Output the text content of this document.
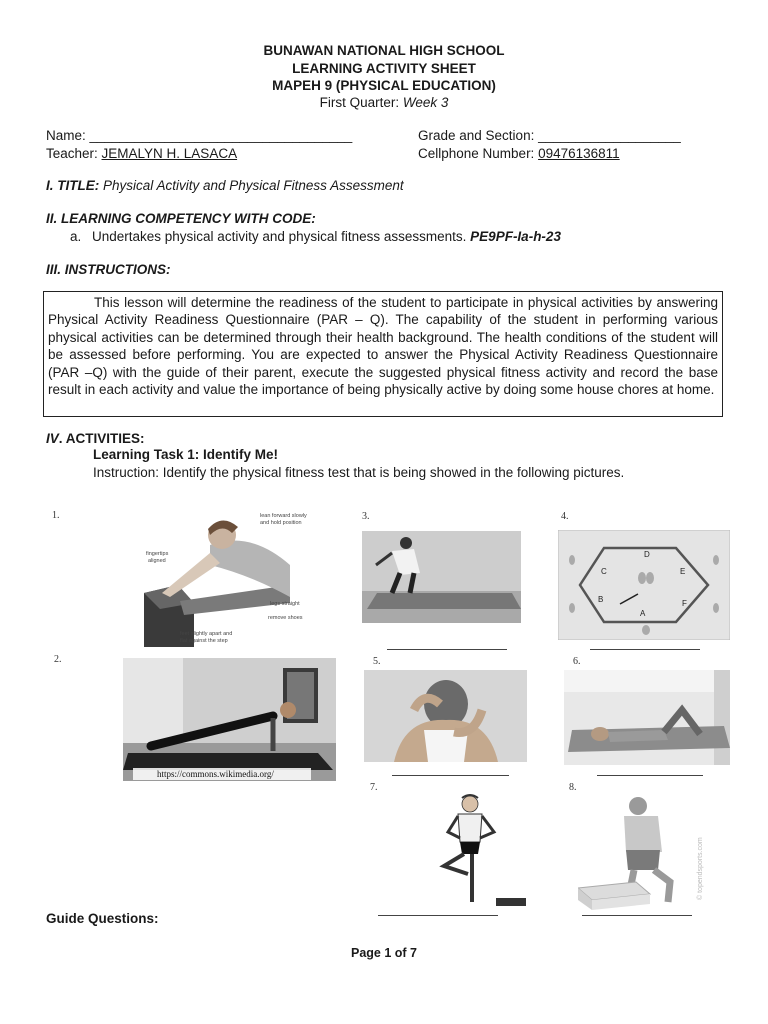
BUNAWAN NATIONAL HIGH SCHOOL
LEARNING ACTIVITY SHEET
MAPEH 9 (PHYSICAL EDUCATION)
First Quarter: Week 3
Name: ___________________________________	Grade and Section: ___________________
Teacher: JEMALYN H. LASACA	Cellphone Number: 09476136811
I. TITLE: Physical Activity and Physical Fitness Assessment
II. LEARNING COMPETENCY WITH CODE:
a. Undertakes physical activity and physical fitness assessments. PE9PF-Ia-h-23
III. INSTRUCTIONS:

This lesson will determine the readiness of the student to participate in physical activities by answering Physical Activity Readiness Questionnaire (PAR – Q). The capability of the student in performing various physical activities can be determined through their health background. The health conditions of the student will be assessed before performing. You are expected to answer the Physical Activity Readiness Questionnaire (PAR –Q) with the guide of their parent, execute the suggested physical fitness activity and record the base result in each activity and value the importance of being physically active by doing some house chores at home.

IV. ACTIVITIES:
Learning Task 1: Identify Me!
Instruction: Identify the physical fitness test that is being showed in the following pictures.
1.
2.
3.	4.
5.	6.
7.	8.
lean forward slowly
and hold position
fingertips
aligned
legs straight
remove shoes
feet slightly apart and
flat against the step
https://commons.wikimedia.org/
D
C	E
B	F
A
© topendsports.com
Guide Questions:
Page 1 of 7
